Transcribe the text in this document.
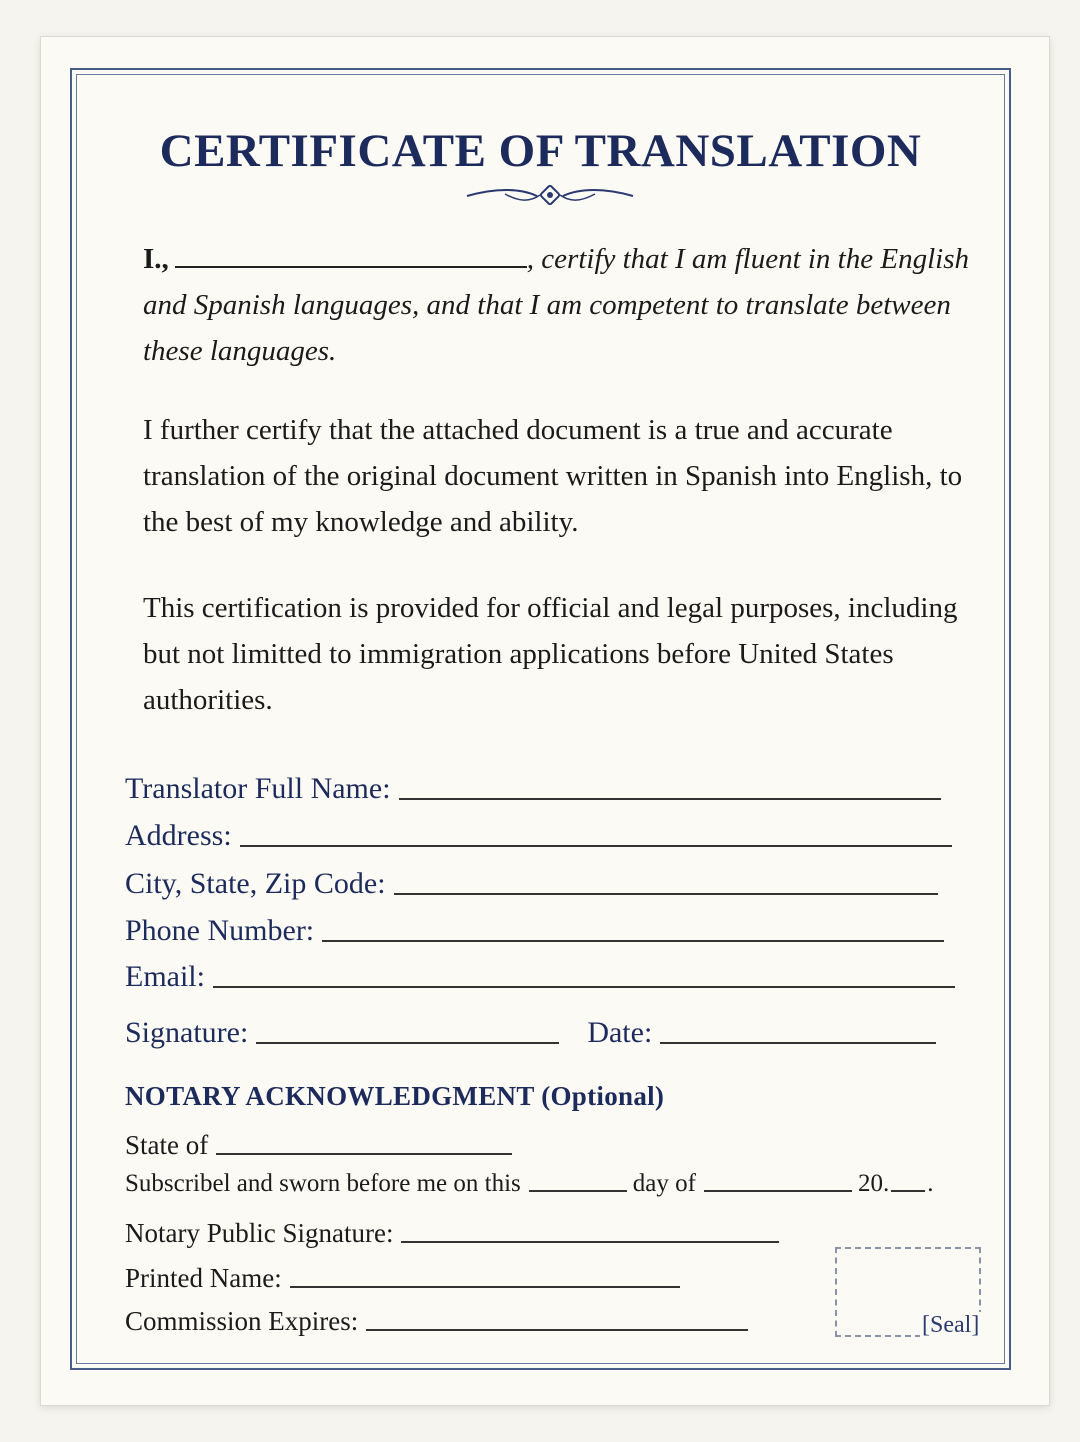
CERTIFICATE OF TRANSLATION

I.,	, certify that I am fluent in the English and Spanish languages, and that I am competent to translate between these languages.

I further certify that the attached document is a true and accurate translation of the original document written in Spanish into English, to the best of my knowledge and ability.

This certification is provided for official and legal purposes, including but not limitted to immigration applications before United States authorities.

Translator Full Name:
Address:
City, State, Zip Code:
Phone Number:
Email:
Signature:	Date:

NOTARY ACKNOWLEDGMENT (Optional)

State of
Subscribel and sworn before me on this	day of	20. .
Notary Public Signature:
Printed Name:
Commission Expires:	[Seal]
